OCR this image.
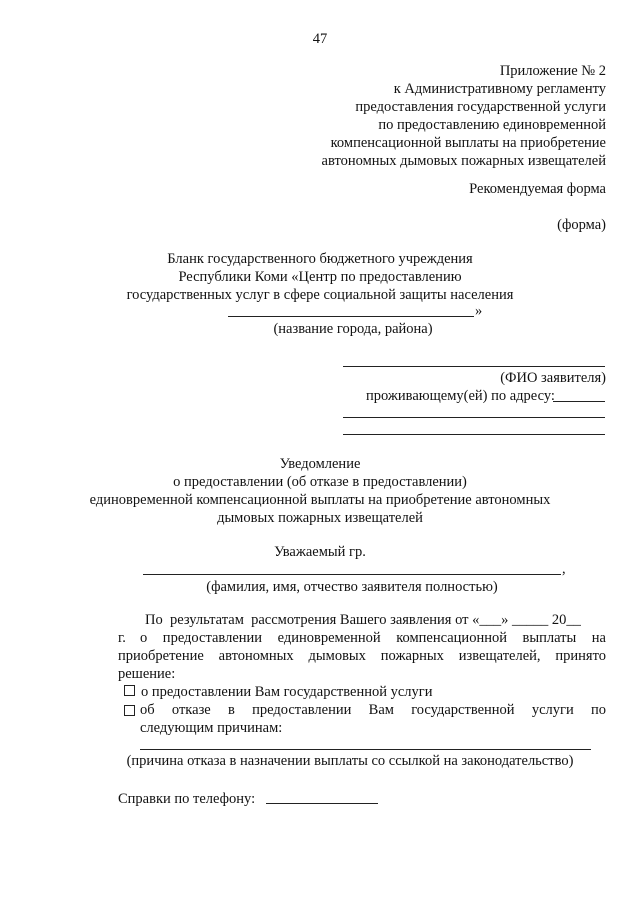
47
Приложение № 2
к Административному регламенту
предоставления государственной услуги
по предоставлению единовременной
компенсационной выплаты на приобретение
автономных дымовых пожарных извещателей
Рекомендуемая форма
(форма)
Бланк государственного бюджетного учреждения
Республики Коми «Центр по предоставлению
государственных услуг в сфере социальной защиты населения
»
(название города, района)
(ФИО заявителя)
проживающему(ей) по адресу:
Уведомление
о предоставлении (об отказе в предоставлении)
единовременной компенсационной выплаты на приобретение автономных
дымовых пожарных извещателей
Уважаемый гр.
,
(фамилия, имя, отчество заявителя полностью)
По  результатам  рассмотрения Вашего заявления от «___» _____ 20__
г. о  предоставлении  единовременной  компенсационной  выплаты  на
приобретение  автономных  дымовых  пожарных  извещателей,  принято
решение:
о предоставлении Вам государственной услуги
об  отказе  в  предоставлении  Вам  государственной  услуги  по
следующим причинам:
(причина отказа в назначении выплаты со ссылкой на законодательство)
Справки по телефону:
